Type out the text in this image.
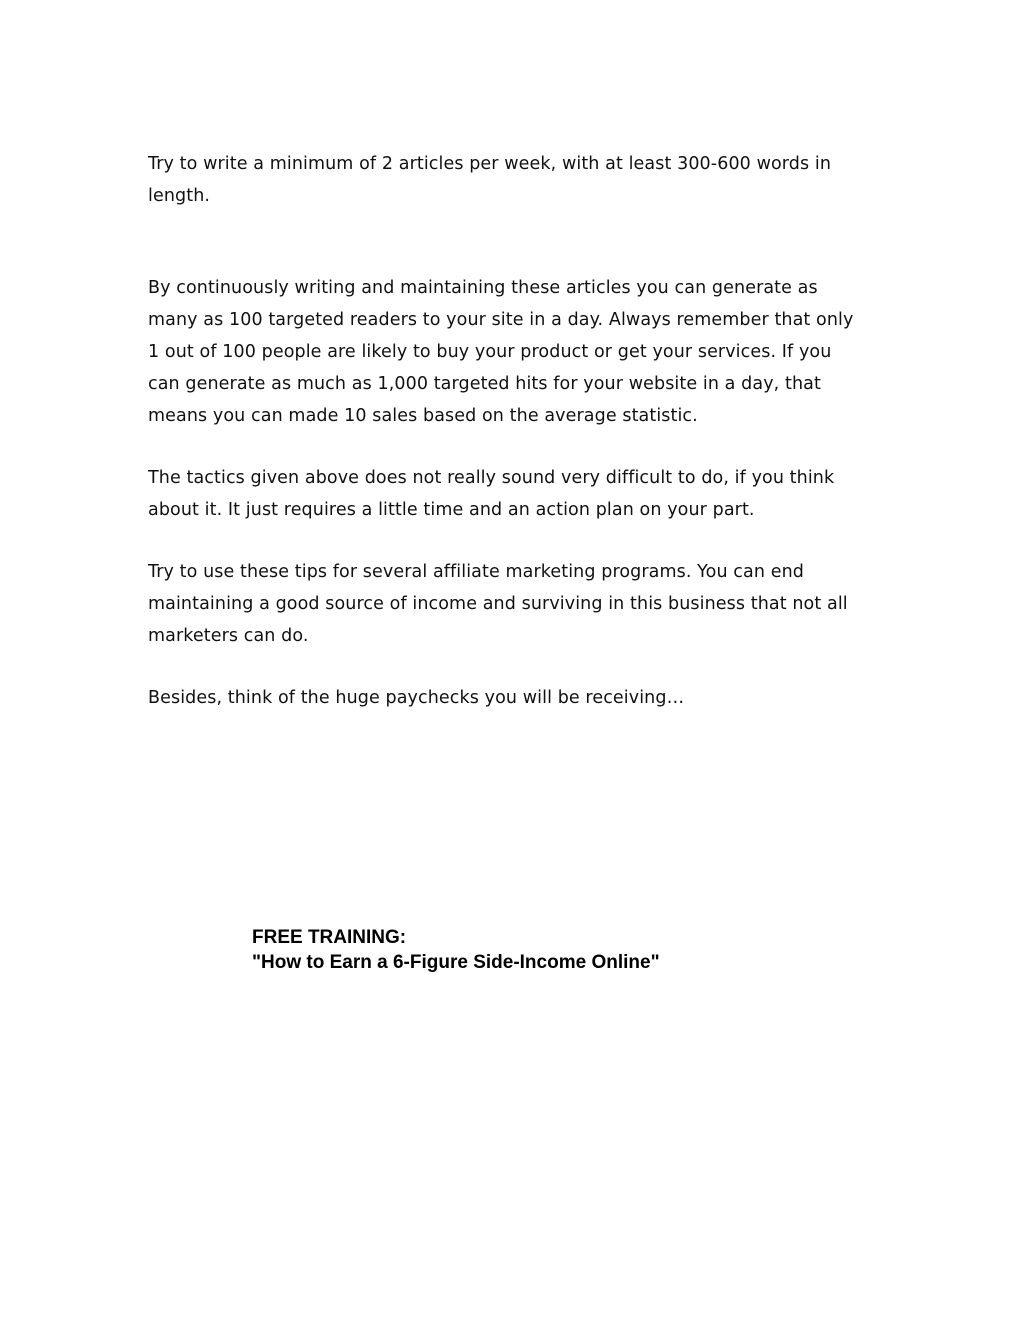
Try to write a minimum of 2 articles per week, with at least 300-600 words in length.

By continuously writing and maintaining these articles you can generate as many as 100 targeted readers to your site in a day. Always remember that only 1 out of 100 people are likely to buy your product or get your services. If you can generate as much as 1,000 targeted hits for your website in a day, that means you can made 10 sales based on the average statistic.

The tactics given above does not really sound very difficult to do, if you think about it. It just requires a little time and an action plan on your part.

Try to use these tips for several affiliate marketing programs. You can end maintaining a good source of income and surviving in this business that not all marketers can do.

Besides, think of the huge paychecks you will be receiving…

FREE TRAINING:

"How to Earn a 6-Figure Side-Income Online"
